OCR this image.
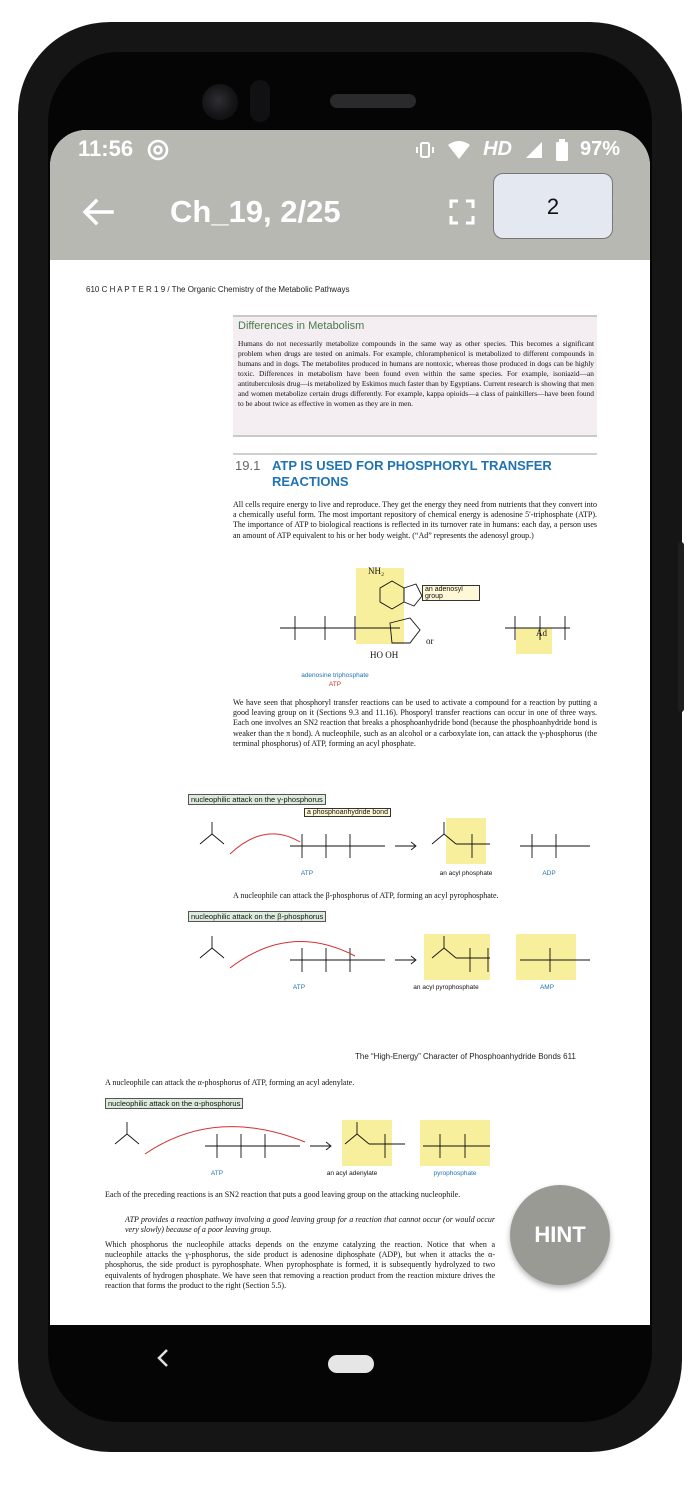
11:56	HD	97%
Ch_19, 2/25
610 C H A P T E R 1 9 / The Organic Chemistry of the Metabolic Pathways
Differences in Metabolism
Humans do not necessarily metabolize compounds in the same way as other species. This becomes a significant problem when drugs are tested on animals. For example, chloramphenicol is metabolized to different compounds in humans and in dogs. The metabolites produced in humans are nontoxic, whereas those produced in dogs can be highly toxic. Differences in metabolism have been found even within the same species. For example, isoniazid—an antituberculosis drug—is metabolized by Eskimos much faster than by Egyptians. Current research is showing that men and women metabolize certain drugs differently. For example, kappa opioids—a class of painkillers—have been found to be about twice as effective in women as they are in men.
19.1 ATP IS USED FOR PHOSPHORYL TRANSFER REACTIONS
All cells require energy to live and reproduce. They get the energy they need from nutrients that they convert into a chemically useful form. The most important repository of chemical energy is adenosine 5′-triphosphate (ATP). The importance of ATP to biological reactions is reflected in its turnover rate in humans: each day, a person uses an amount of ATP equivalent to his or her body weight. (“Ad” represents the adenosyl group.)
NH₂
HO OH
or
Ad
an adenosyl group
adenosine triphosphate
ATP
We have seen that phosphoryl transfer reactions can be used to activate a compound for a reaction by putting a good leaving group on it (Sections 9.3 and 11.16). Phosporyl transfer reactions can occur in one of three ways. Each one involves an SN2 reaction that breaks a phosphoanhydride bond (because the phosphoanhydride bond is weaker than the π bond). A nucleophile, such as an alcohol or a carboxylate ion, can attack the γ-phosphorus (the terminal phosphorus) of ATP, forming an acyl phosphate.
nucleophilic attack on the γ-phosphorus
a phosphoanhydride bond
ATP	an acyl phosphate	ADP
A nucleophile can attack the β-phosphorus of ATP, forming an acyl pyrophosphate.
nucleophilic attack on the β-phosphorus
ATP	an acyl pyrophosphate	AMP
The “High-Energy” Character of Phosphoanhydride Bonds 611
A nucleophile can attack the α-phosphorus of ATP, forming an acyl adenylate.
nucleophilic attack on the α-phosphorus
ATP	an acyl adenylate	pyrophosphate
Each of the preceding reactions is an SN2 reaction that puts a good leaving group on the attacking nucleophile.
ATP provides a reaction pathway involving a good leaving group for a reaction that cannot occur (or would occur very slowly) because of a poor leaving group.
Which phosphorus the nucleophile attacks depends on the enzyme catalyzing the reaction. Notice that when a nucleophile attacks the γ-phosphorus, the side product is adenosine diphosphate (ADP), but when it attacks the α-phosphorus, the side product is pyrophosphate. When pyrophosphate is formed, it is subsequently hydrolyzed to two equivalents of hydrogen phosphate. We have seen that removing a reaction product from the reaction mixture drives the reaction that forms the product to the right (Section 5.5).
2
HINT
